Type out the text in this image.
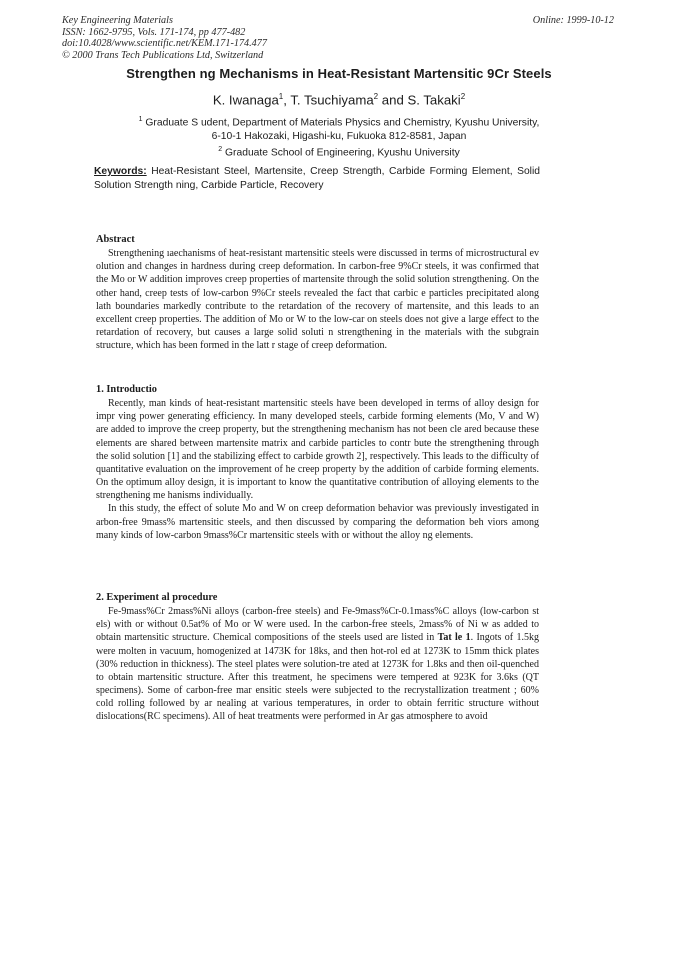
Key Engineering Materials
ISSN: 1662-9795, Vols. 171-174, pp 477-482
doi:10.4028/www.scientific.net/KEM.171-174.477
© 2000 Trans Tech Publications Ltd, Switzerland
Online: 1999-10-12
Strengthen ng Mechanisms in Heat-Resistant Martensitic 9Cr Steels
K. Iwanaga$^1$, T. Tsuchiyama$^2$ and S. Takaki$^2$
$^1$ Graduate S udent, Department of Materials Physics and Chemistry, Kyushu University,
6-10-1 Hakozaki, Higashi-ku, Fukuoka 812-8581, Japan
$^2$ Graduate School of Engineering, Kyushu University
Keywords: Heat-Resistant Steel, Martensite, Creep Strength, Carbide Forming Element, Solid Solution Strength ning, Carbide Particle, Recovery
Abstract

Strengthening ıaechanisms of heat-resistant martensitic steels were discussed in terms of microstructural ev olution and changes in hardness during creep deformation. In carbon-free 9%Cr steels, it was confirmed that the Mo or W addition improves creep properties of martensite through the solid solution strengthening. On the other hand, creep tests of low-carbon 9%Cr steels revealed the fact that carbic e particles precipitated along lath boundaries markedly contribute to the retardation of the recovery of martensite, and this leads to an excellent creep properties. The addition of Mo or W to the low-car on steels does not give a large effect to the retardation of recovery, but causes a large solid soluti n strengthening in the materials with the subgrain structure, which has been formed in the latt r stage of creep deformation.

1. Introductio

Recently, man kinds of heat-resistant martensitic steels have been developed in terms of alloy design for impr ving power generating efficiency. In many developed steels, carbide forming elements (Mo, V and W) are added to improve the creep property, but the strengthening mechanism has not been cle ared because these elements are shared between martensite matrix and carbide particles to contr bute the strengthening through the solid solution [1] and the stabilizing effect to carbide growth 2], respectively. This leads to the difficulty of quantitative evaluation on the improvement of he creep property by the addition of carbide forming elements. On the optimum alloy design, it is important to know the quantitative contribution of alloying elements to the strengthening me hanisms individually.

In this study, the effect of solute Mo and W on creep deformation behavior was previously investigated in arbon-free 9mass% martensitic steels, and then discussed by comparing the deformation beh viors among many kinds of low-carbon 9mass%Cr martensitic steels with or without the alloy ng elements.

2. Experiment al procedure

Fe-9mass%Cr 2mass%Ni alloys (carbon-free steels) and Fe-9mass%Cr-0.1mass%C alloys (low-carbon st els) with or without 0.5at% of Mo or W were used. In the carbon-free steels, 2mass% of Ni w as added to obtain martensitic structure. Chemical compositions of the steels used are listed in Tat le 1. Ingots of 1.5kg were molten in vacuum, homogenized at 1473K for 18ks, and then hot-rol ed at 1273K to 15mm thick plates (30% reduction in thickness). The steel plates were solution-tre ated at 1273K for 1.8ks and then oil-quenched to obtain martensitic structure. After this treatment, he specimens were tempered at 923K for 3.6ks (QT specimens). Some of carbon-free mar ensitic steels were subjected to the recrystallization treatment ; 60% cold rolling followed by ar nealing at various temperatures, in order to obtain ferritic structure without dislocations(RC specimens). All of heat treatments were performed in Ar gas atmosphere to avoid
